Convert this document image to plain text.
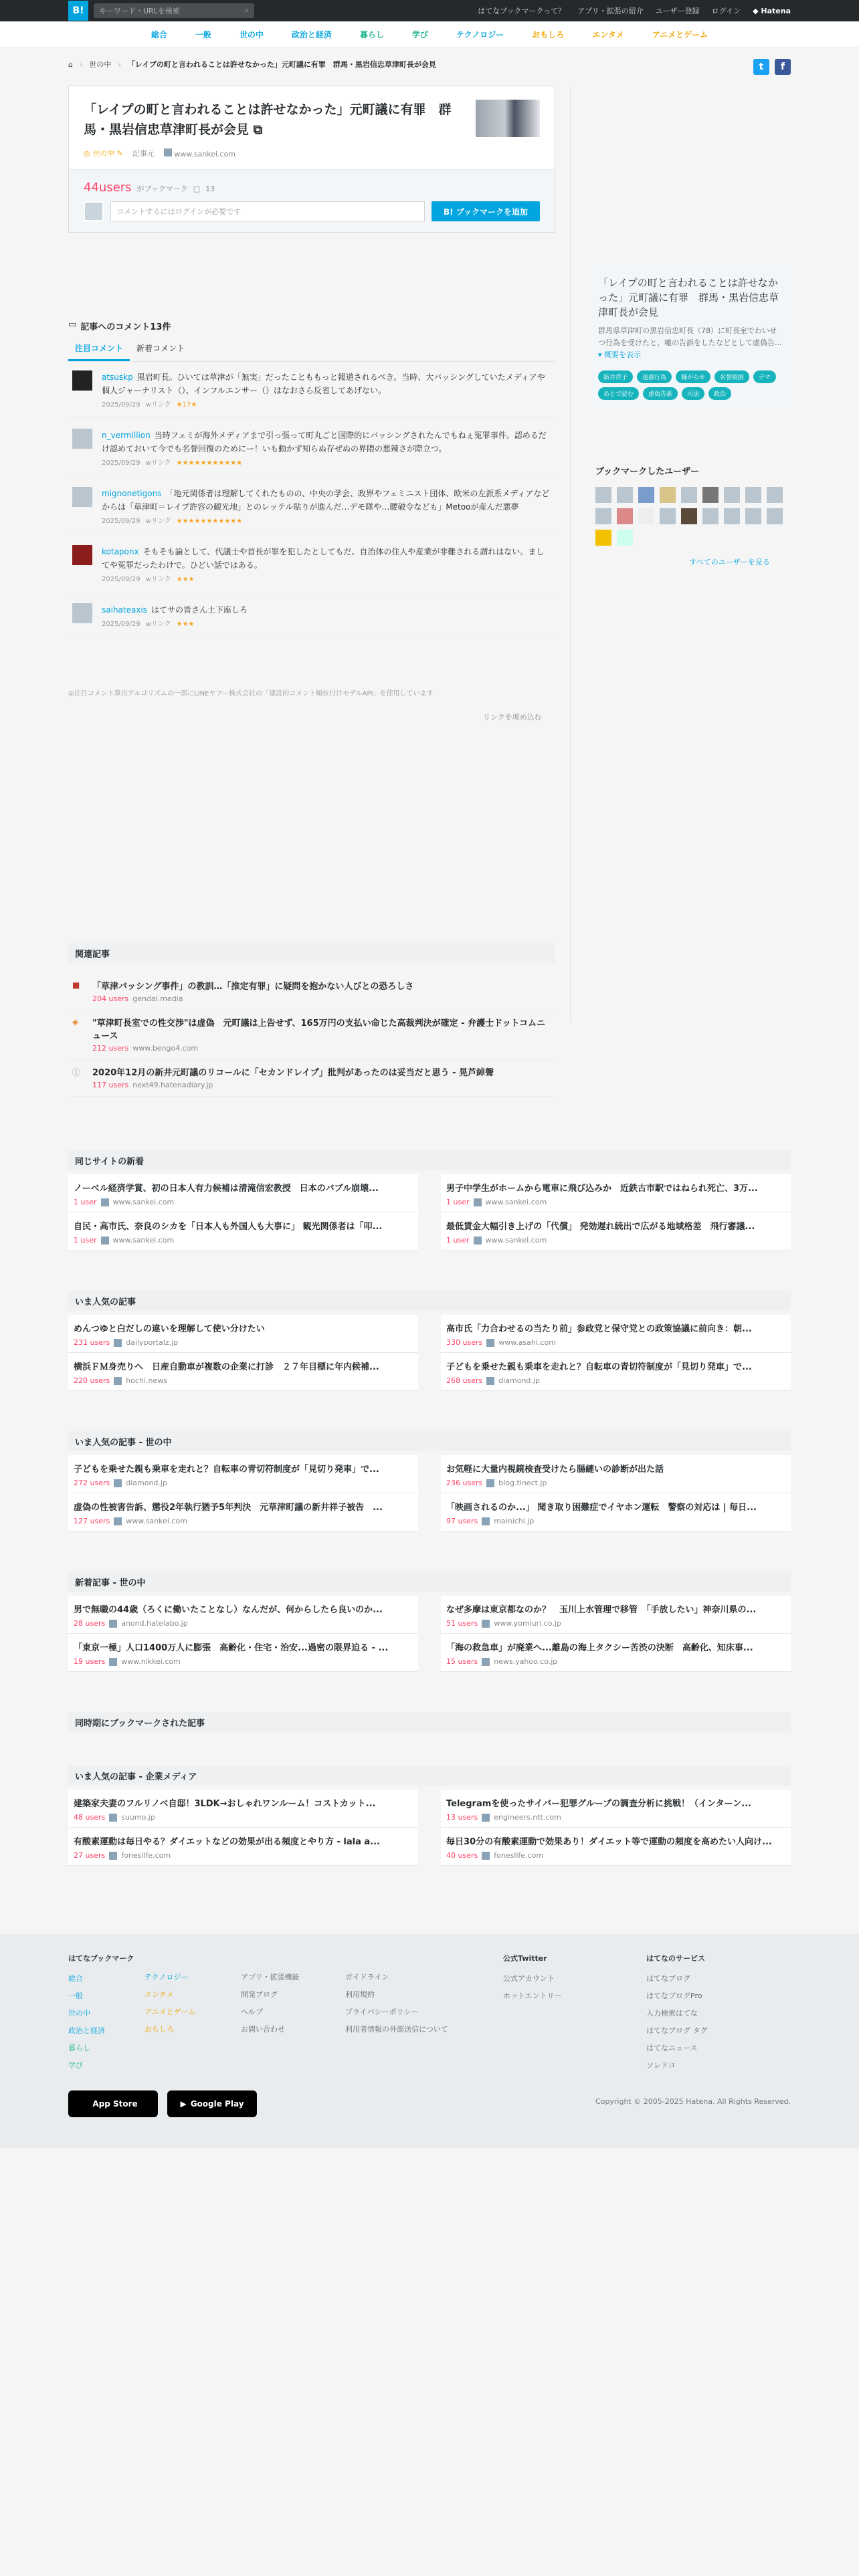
B!	キーワード・URLを検索	⌕	はてなブックマークって？ アプリ・拡張の紹介 ユーザー登録 ログイン ◆ Hatena
総合	一般	世の中	政治と経済	暮らし	学び	テクノロジー	おもしろ	エンタメ	アニメとゲーム
⌂ › 世の中 › 「レイプの町と言われることは許せなかった」元町議に有罪　群馬・黒岩信忠草津町長が会見	t	f
「レイプの町と言われることは許せなかった」元町議に有罪　群馬・黒岩信忠草津町長が会見 ⧉
◎ 世の中 ✎ 記事元	www.sankei.com
44users がブックマーク □ 13
コメントするにはログインが必要です	B! ブックマークを追加
「レイプの町と言われることは許せなかった」元町議に有罪　群馬・黒岩信忠草津町長が会見
群馬県草津町の黒岩信忠町長（78）に町長室でわいせつ行為を受けたと、嘘の告訴をしたなどとして虚偽告... ▾ 概要を表示
新井祥子	迷惑行為	嫌がらせ	名誉毀損	デマ
あとで読む	虚偽告訴	司法	政治
ブックマークしたユーザー
すべてのユーザーを見る
▭ 記事へのコメント13件
注目コメント	新着コメント
atsuskp 黒岩町長。ひいては草津が「無実」だったことももっと報道されるべき。当時、大バッシングしていたメディアや個人ジャーナリスト（）、インフルエンサー（）はなおさら反省してあげない。
2025/09/29 wリンク ★17★
n_vermillion 当時フェミが海外メディアまで引っ張って町丸ごと国際的にバッシングされたんでもねぇ冤罪事件。認めるだけ認めておいて今でも名誉回復のためにー！いも動かず知らぬ存ぜぬの界隈の悪辣さが際立つ。
2025/09/29 wリンク ★★★★★★★★★★★
mignonetigons 「地元関係者は理解してくれたものの、中央の学会、政界やフェミニスト団体、欧米の左派系メディアなどからは「草津町＝レイプ許容の観光地」とのレッテル貼りが進んだ…デモ隊や…腰破令なども」Metooが産んだ悪夢
2025/09/29 wリンク ★★★★★★★★★★★
kotaponx そもそも論として、代議士や首長が罪を犯したとしてもだ、自治体の住人や産業が非難される謂れはない。ましてや冤罪だったわけで。ひどい話ではある。
2025/09/29 wリンク ★★★
saihateaxis はてサの皆さん土下座しろ
2025/09/29 wリンク ★★★
◎注目コメント算出アルゴリズムの一部にLINEヤフー株式会社の「建設的コメント順位付けモデルAPI」を使用しています
リンクを埋め込む
関連記事
■	「草津バッシング事件」の教訓…「推定有罪」に疑問を抱かない人びとの恐ろしさ
204 users gendai.media
◈	"草津町長室での性交渉"は虚偽　元町議は上告せず、165万円の支払い命じた高裁判決が確定 - 弁護士ドットコムニュース
212 users www.bengo4.com
ⓘ	2020年12月の新井元町議のリコールに「セカンドレイプ」批判があったのは妥当だと思う - 晃芦綽聲
117 users next49.hatenadiary.jp
同じサイトの新着
ノーベル経済学賞、初の日本人有力候補は清滝信宏教授　日本のバブル崩壊...
1 user www.sankei.com
男子中学生がホームから電車に飛び込みか　近鉄古市駅ではねられ死亡、3万...
1 user www.sankei.com
自民・高市氏、奈良のシカを「日本人も外国人も大事に」 観光関係者は「叩...
1 user www.sankei.com
最低賃金大幅引き上げの「代償」 発効遅れ続出で広がる地域格差　飛行審議...
1 user www.sankei.com
いま人気の記事
めんつゆと白だしの違いを理解して使い分けたい
231 users dailyportalz.jp
高市氏「力合わせるの当たり前」参政党と保守党との政策協議に前向き：朝...
330 users www.asahi.com
横浜ＦＭ身売りへ　日産自動車が複数の企業に打診　２７年目標に年内候補...
220 users hochi.news
子どもを乗せた親も乗車を走れと？自転車の青切符制度が「見切り発車」で...
268 users diamond.jp
いま人気の記事 - 世の中
子どもを乗せた親も乗車を走れと？自転車の青切符制度が「見切り発車」で...
272 users diamond.jp
お気軽に大量内視鏡検査受けたら腸縺いの診断が出た話
236 users blog.tinect.jp
虚偽の性被害告訴、懲役2年執行猶予5年判決　元草津町議の新井祥子被告　...
127 users www.sankei.com
「映画されるのか...」 聞き取り困難症でイヤホン運転　警察の対応は | 毎日...
97 users mainichi.jp
新着記事 - 世の中
男で無職の44歳（ろくに働いたことなし）なんだが、何からしたら良いのか...
28 users anond.hatelabo.jp
なぜ多摩は東京都なのか？　玉川上水管理で移管　「手放したい」神奈川県の...
51 users www.yomiuri.co.jp
「東京一極」人口1400万人に膨張　高齢化・住宅・治安...過密の限界迫る - ...
19 users www.nikkei.com
「海の救急車」が廃業へ...離島の海上タクシー苦渋の決断　高齢化、知床事...
15 users news.yahoo.co.jp
同時期にブックマークされた記事
いま人気の記事 - 企業メディア
建築家夫妻のフルリノベ自邸！3LDK→おしゃれワンルーム！コストカット...
48 users suumo.jp
Telegramを使ったサイバー犯罪グループの調査分析に挑戦！（インターン...
13 users engineers.ntt.com
有酸素運動は毎日やる？ダイエットなどの効果が出る頻度とやり方 - lala a...
27 users fonesllfe.com
毎日30分の有酸素運動で効果あり！ダイエット等で運動の頻度を高めたい人向け...
40 users fonesllfe.com
はてなブックマーク
総合
一般
世の中
政治と経済
暮らし
学び
テクノロジー
エンタメ
アニメとゲーム
おもしろ
アプリ・拡張機能
開発ブログ
ヘルプ
お問い合わせ
ガイドライン
利用規約
プライバシーポリシー
利用者情報の外部送信について
公式Twitter
公式アカウント
ホットエントリー
はてなのサービス
はてなブログ
はてなブログPro
人力検索はてな
はてなブログ タグ
はてなニュース
ソレドコ
App Store	▶ Google Play	Copyright © 2005-2025 Hatena. All Rights Reserved.
